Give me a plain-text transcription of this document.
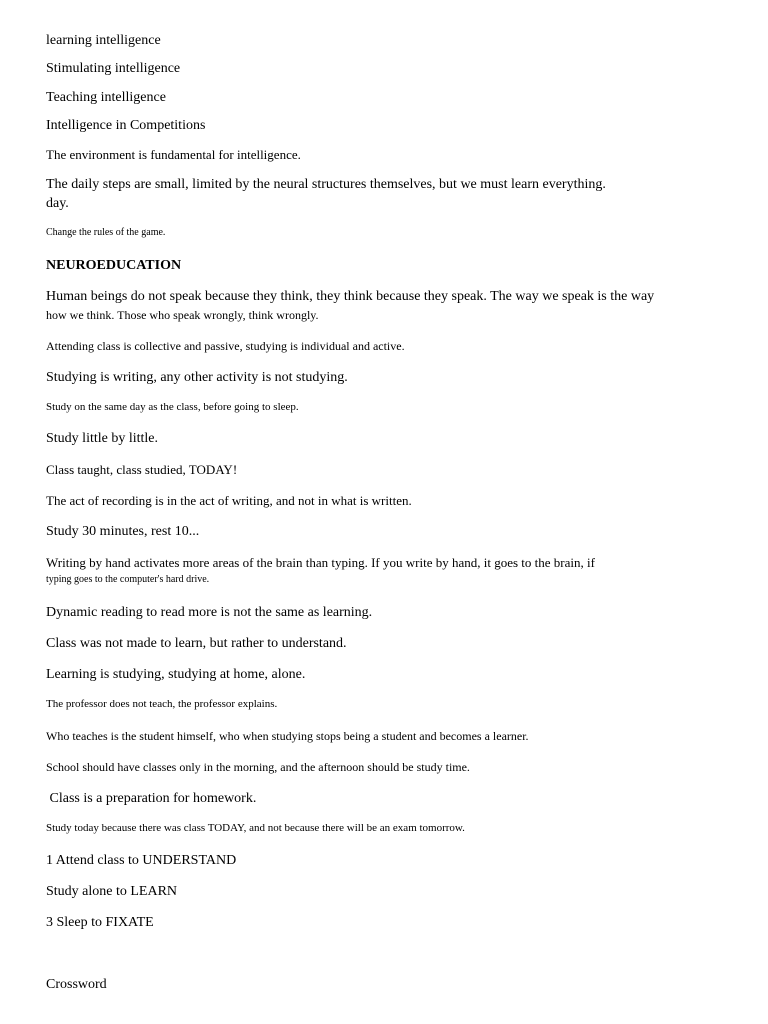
learning intelligence
Stimulating intelligence
Teaching intelligence
Intelligence in Competitions
The environment is fundamental for intelligence.
The daily steps are small, limited by the neural structures themselves, but we must learn everything.
day.
Change the rules of the game.
NEUROEDUCATION
Human beings do not speak because they think, they think because they speak. The way we speak is the way
how we think. Those who speak wrongly, think wrongly.
Attending class is collective and passive, studying is individual and active.
Studying is writing, any other activity is not studying.
Study on the same day as the class, before going to sleep.
Study little by little.
Class taught, class studied, TODAY!
The act of recording is in the act of writing, and not in what is written.
Study 30 minutes, rest 10...
Writing by hand activates more areas of the brain than typing. If you write by hand, it goes to the brain, if
typing goes to the computer's hard drive.
Dynamic reading to read more is not the same as learning.
Class was not made to learn, but rather to understand.
Learning is studying, studying at home, alone.
The professor does not teach, the professor explains.
Who teaches is the student himself, who when studying stops being a student and becomes a learner.
School should have classes only in the morning, and the afternoon should be study time.
Class is a preparation for homework.
Study today because there was class TODAY, and not because there will be an exam tomorrow.
1 Attend class to UNDERSTAND
Study alone to LEARN
3 Sleep to FIXATE
Crossword
